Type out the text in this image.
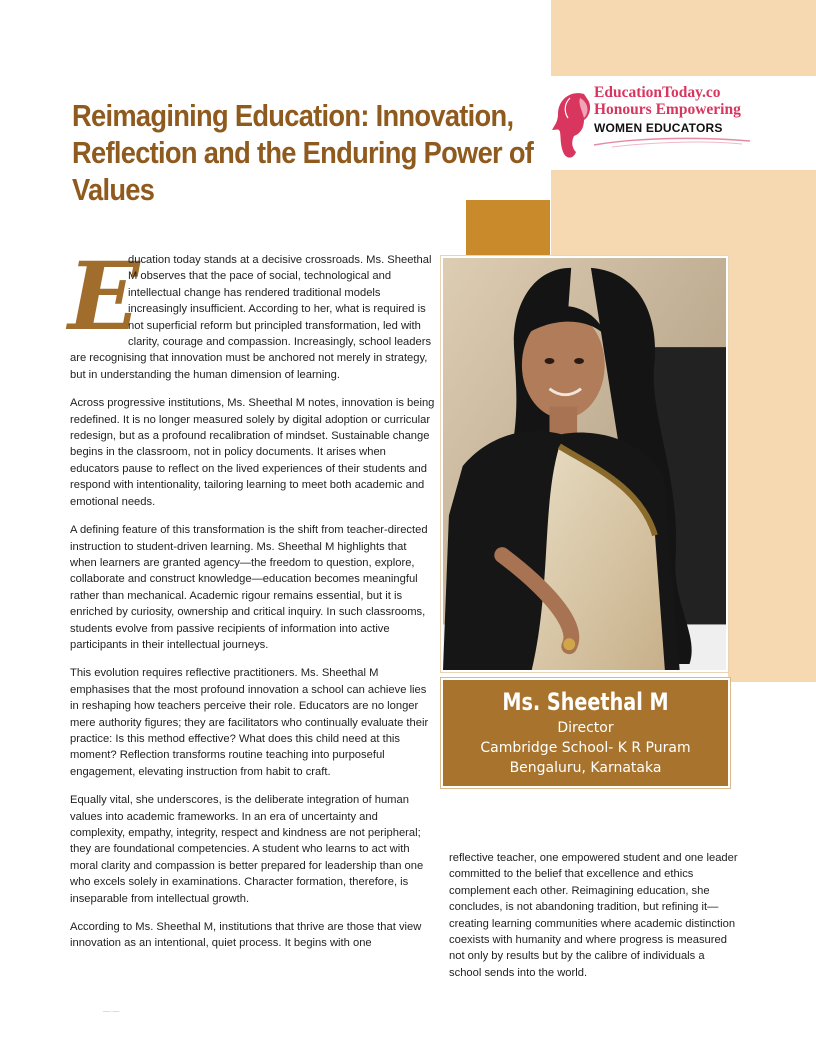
EducationToday.co
Honours Empowering
WOMEN EDUCATORS
Reimagining Education: Innovation, Reflection and the Enduring Power of Values
Ms. Sheethal M
Director
Cambridge School- K R Puram
Bengaluru, Karnataka

E
ducation today stands at a decisive crossroads. Ms. Sheethal M observes that the pace of social, technological and intellectual change has rendered traditional models increasingly insufficient. According to her, what is required is not superficial reform but principled transformation, led with clarity, courage and compassion. Increasingly, school leaders are recognising that innovation must be anchored not merely in strategy, but in understanding the human dimension of learning.

Across progressive institutions, Ms. Sheethal M notes, innovation is being redefined. It is no longer measured solely by digital adoption or curricular redesign, but as a profound recalibration of mindset. Sustainable change begins in the classroom, not in policy documents. It arises when educators pause to reflect on the lived experiences of their students and respond with intentionality, tailoring learning to meet both academic and emotional needs.

A defining feature of this transformation is the shift from teacher-directed instruction to student-driven learning. Ms. Sheethal M highlights that when learners are granted agency—the freedom to question, explore, collaborate and construct knowledge—education becomes meaningful rather than mechanical. Academic rigour remains essential, but it is enriched by curiosity, ownership and critical inquiry. In such classrooms, students evolve from passive recipients of information into active participants in their intellectual journeys.

This evolution requires reflective practitioners. Ms. Sheethal M emphasises that the most profound innovation a school can achieve lies in reshaping how teachers perceive their role. Educators are no longer mere authority figures; they are facilitators who continually evaluate their practice: Is this method effective? What does this child need at this moment? Reflection transforms routine teaching into purposeful engagement, elevating instruction from habit to craft.

Equally vital, she underscores, is the deliberate integration of human values into academic frameworks. In an era of uncertainty and complexity, empathy, integrity, respect and kindness are not peripheral; they are foundational competencies. A student who learns to act with moral clarity and compassion is better prepared for leadership than one who excels solely in examinations. Character formation, therefore, is inseparable from intellectual growth.

According to Ms. Sheethal M, institutions that thrive are those that view innovation as an intentional, quiet process. It begins with one

reflective teacher, one empowered student and one leader committed to the belief that excellence and ethics complement each other. Reimagining education, she concludes, is not abandoning tradition, but refining it—creating learning communities where academic distinction coexists with humanity and where progress is measured not only by results but by the calibre of individuals a school sends into the world.

—·—
